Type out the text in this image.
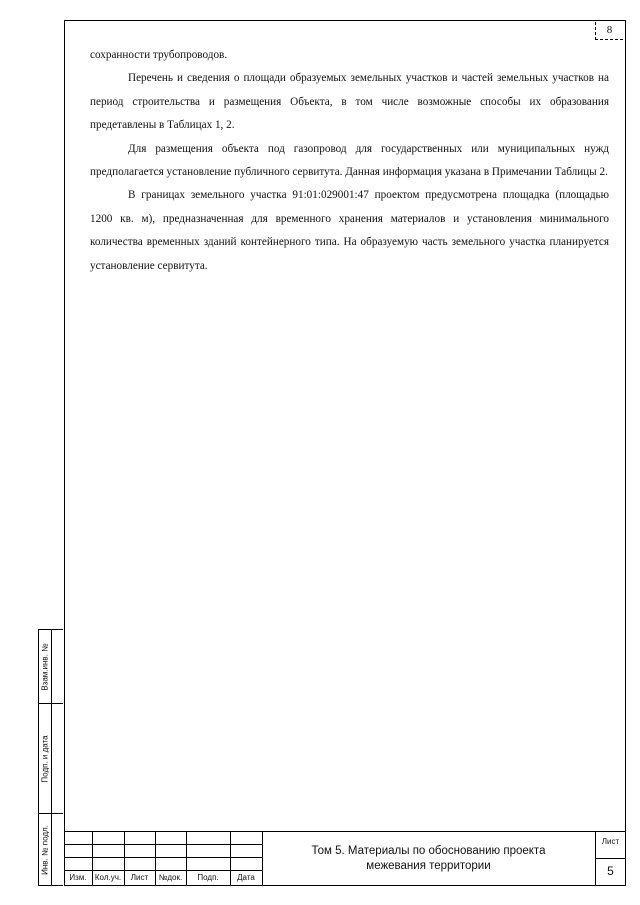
8

сохранности трубопроводов.

Перечень и сведения о площади образуемых земельных участков и частей земельных участков на период строительства и размещения Объекта, в том числе возможные способы их образования предетавлены в Таблицах 1, 2.

Для размещения объекта под газопровод для государственных или муниципальных нужд предполагается установление публичного сервитута. Данная информация указана в Примечании Таблицы 2.

В границах земельного участка 91:01:029001:47 проектом предусмотрена площадка (площадью 1200 кв. м), предназначенная для временного хранения материалов и установления минимального количества временных зданий контейнерного типа. На образуемую часть земельного участка планируется установление сервитута.

Взам.инв. №
Подп. и дата
Инв. № подл.
Изм.	Кол.уч.	Лист	№док.	Подп.	Дата
Том 5. Материалы по обоснованию проекта
межевания территории
Лист
5
